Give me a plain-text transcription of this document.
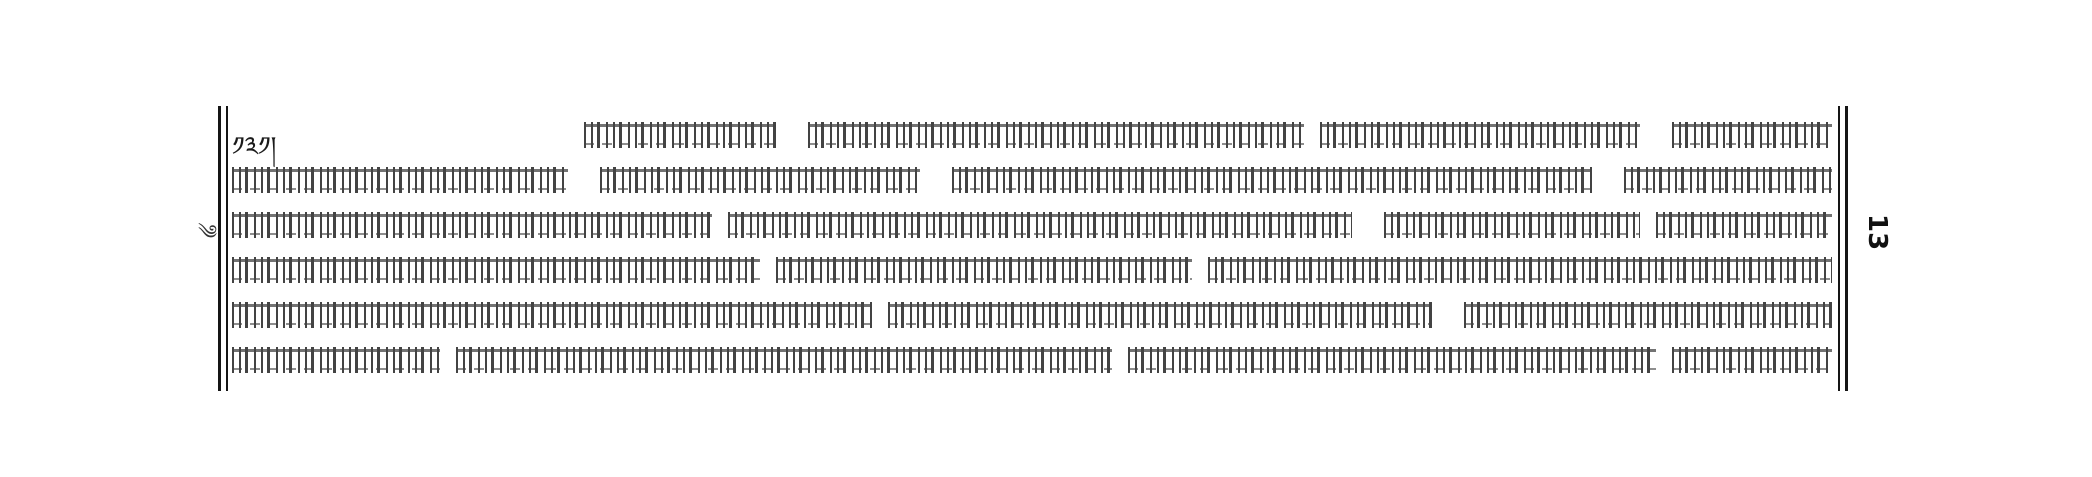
༄
༡༣༡།
13
